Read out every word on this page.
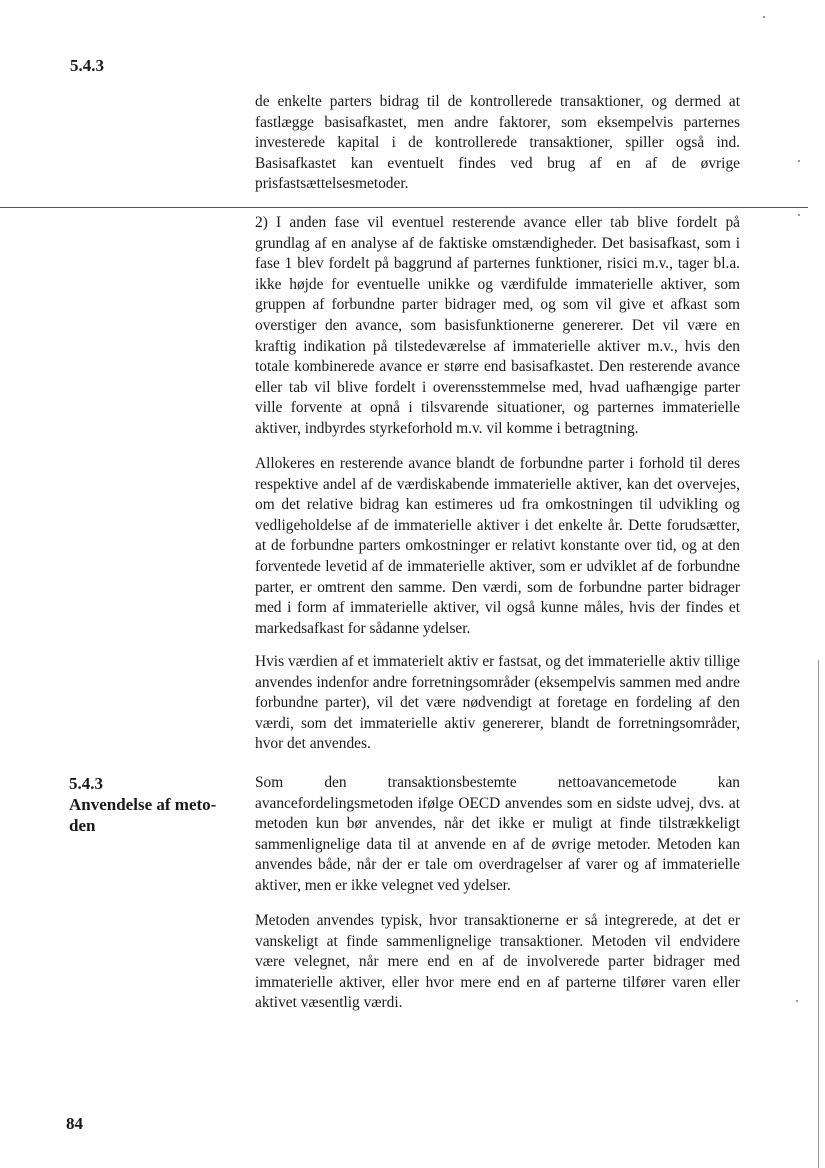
5.4.3

de enkelte parters bidrag til de kontrollerede transaktioner, og dermed at fastlægge basisafkastet, men andre faktorer, som eksempelvis parternes investerede kapital i de kontrollerede transaktioner, spiller også ind. Basisafkastet kan eventuelt findes ved brug af en af de øvrige prisfastsættelsesmetoder.

2) I anden fase vil eventuel resterende avance eller tab blive fordelt på grundlag af en analyse af de faktiske omstændigheder. Det basisafkast, som i fase 1 blev fordelt på baggrund af parternes funktioner, risici m.v., tager bl.a. ikke højde for eventuelle unikke og værdifulde immaterielle aktiver, som gruppen af forbundne parter bidrager med, og som vil give et afkast som overstiger den avance, som basisfunktionerne genererer. Det vil være en kraftig indikation på tilstedeværelse af immaterielle aktiver m.v., hvis den totale kombinerede avance er større end basisafkastet. Den resterende avance eller tab vil blive fordelt i overensstemmelse med, hvad uafhængige parter ville forvente at opnå i tilsvarende situationer, og parternes immaterielle aktiver, indbyrdes styrkeforhold m.v. vil komme i betragtning.

Allokeres en resterende avance blandt de forbundne parter i forhold til deres respektive andel af de værdiskabende immaterielle aktiver, kan det overvejes, om det relative bidrag kan estimeres ud fra omkostningen til udvikling og vedligeholdelse af de immaterielle aktiver i det enkelte år. Dette forudsætter, at de forbundne parters omkostninger er relativt konstante over tid, og at den forventede levetid af de immaterielle aktiver, som er udviklet af de forbundne parter, er omtrent den samme. Den værdi, som de forbundne parter bidrager med i form af immaterielle aktiver, vil også kunne måles, hvis der findes et markedsafkast for sådanne ydelser.

Hvis værdien af et immaterielt aktiv er fastsat, og det immaterielle aktiv tillige anvendes indenfor andre forretningsområder (eksempelvis sammen med andre forbundne parter), vil det være nødvendigt at foretage en fordeling af den værdi, som det immaterielle aktiv genererer, blandt de forretningsområder, hvor det anvendes.

5.4.3
Anvendelse af meto-
den

Som den transaktionsbestemte nettoavancemetode kan avancefordelingsmetoden ifølge OECD anvendes som en sidste udvej, dvs. at metoden kun bør anvendes, når det ikke er muligt at finde tilstrækkeligt sammenlignelige data til at anvende en af de øvrige metoder. Metoden kan anvendes både, når der er tale om overdragelser af varer og af immaterielle aktiver, men er ikke velegnet ved ydelser.

Metoden anvendes typisk, hvor transaktionerne er så integrerede, at det er vanskeligt at finde sammenlignelige transaktioner. Metoden vil endvidere være velegnet, når mere end en af de involverede parter bidrager med immaterielle aktiver, eller hvor mere end en af parterne tilfører varen eller aktivet væsentlig værdi.

84
